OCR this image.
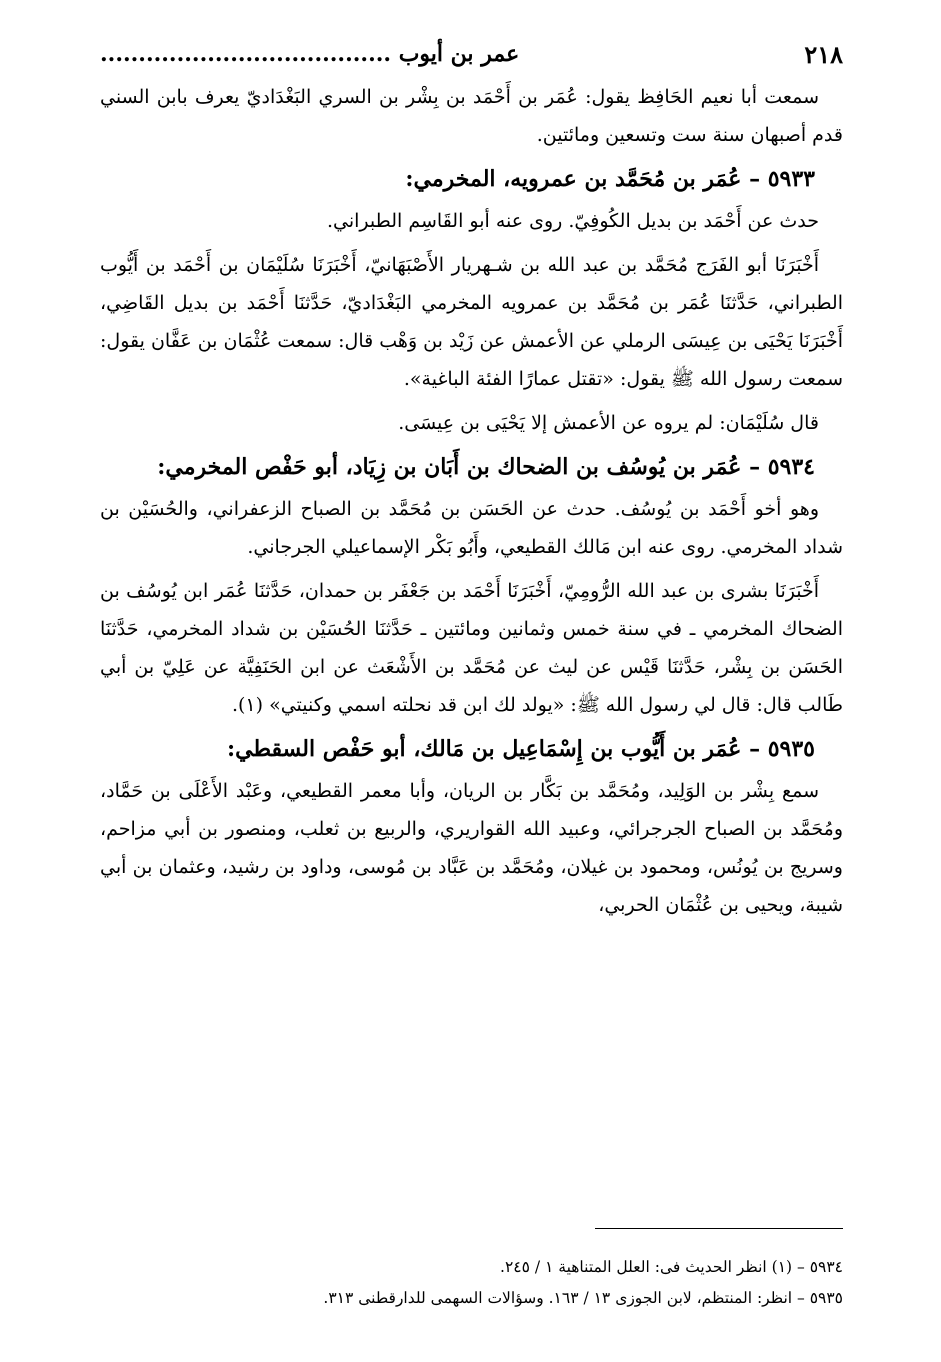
٢١٨
عمر بن أيوب ......................................

سمعت أبا نعيم الحَافِظ يقول: عُمَر بن أَحْمَد بن بِشْر بن السري البَغْدَاديّ يعرف بابن السني قدم أصبهان سنة ست وتسعين ومائتين.

٥٩٣٣ – عُمَر بن مُحَمَّد بن عمرويه، المخرمي:

حدث عن أَحْمَد بن بديل الكُوفِيّ. روى عنه أبو القَاسِم الطبراني.

أَخْبَرَنَا أبو الفَرَج مُحَمَّد بن عبد الله بن شـهريار الأَصْبَهَانيّ، أَخْبَرَنَا سُلَيْمَان بن أَحْمَد بن أَيُّوب الطبراني، حَدَّثنَا عُمَر بن مُحَمَّد بن عمرويه المخرمي البَغْدَاديّ، حَدَّثنَا أَحْمَد بن بديل القَاضِي، أَخْبَرَنَا يَحْيَى بن عِيسَى الرملي عن الأعمش عن زَيْد بن وَهْب قال: سمعت عُثْمَان بن عَفَّان يقول: سمعت رسول الله ﷺ يقول: «تقتل عمارًا الفئة الباغية».

قال سُلَيْمَان: لم يروه عن الأعمش إلا يَحْيَى بن عِيسَى.

٥٩٣٤ – عُمَر بن يُوسُف بن الضحاك بن أَبَان بن زِيَاد، أبو حَفْص المخرمي:

وهو أخو أَحْمَد بن يُوسُف. حدث عن الحَسَن بن مُحَمَّد بن الصباح الزعفراني، والحُسَيْن بن شداد المخرمي. روى عنه ابن مَالك القطيعي، وأَبُو بَكْر الإسماعيلي الجرجاني.

أَخْبَرَنَا بشرى بن عبد الله الرُّومِيّ، أَخْبَرَنَا أَحْمَد بن جَعْفَر بن حمدان، حَدَّثنَا عُمَر ابن يُوسُف بن الضحاك المخرمي ـ في سنة خمس وثمانين ومائتين ـ حَدَّثنَا الحُسَيْن بن شداد المخرمي، حَدَّثنَا الحَسَن بن بِشْر، حَدَّثنَا قَيْس عن ليث عن مُحَمَّد بن الأَشْعَث عن ابن الحَنَفِيَّة عن عَلِيّ بن أبي طَالب قال: قال لي رسول الله ﷺ: «يولد لك ابن قد نحلته اسمي وكنيتي» (١).

٥٩٣٥ – عُمَر بن أَيُّوب بن إِسْمَاعِيل بن مَالك، أبو حَفْص السقطي:

سمع بِشْر بن الوَلِيد، ومُحَمَّد بن بَكَّار بن الريان، وأبا معمر القطيعي، وعَبْد الأَعْلَى بن حَمَّاد، ومُحَمَّد بن الصباح الجرجرائي، وعبيد الله القواريري، والربيع بن ثعلب، ومنصور بن أبي مزاحم، وسريج بن يُونُس، ومحمود بن غيلان، ومُحَمَّد بن عَبَّاد بن مُوسى، وداود بن رشيد، وعثمان بن أبي شيبة، ويحيى بن عُثْمَان الحربي،

٥٩٣٤ – (١) انظر الحديث فى: العلل المتناهية ١ / ٢٤٥.
٥٩٣٥ – انظر: المنتظم، لابن الجوزى ١٣ / ١٦٣. وسؤالات السهمى للدارقطنى ٣١٣.
